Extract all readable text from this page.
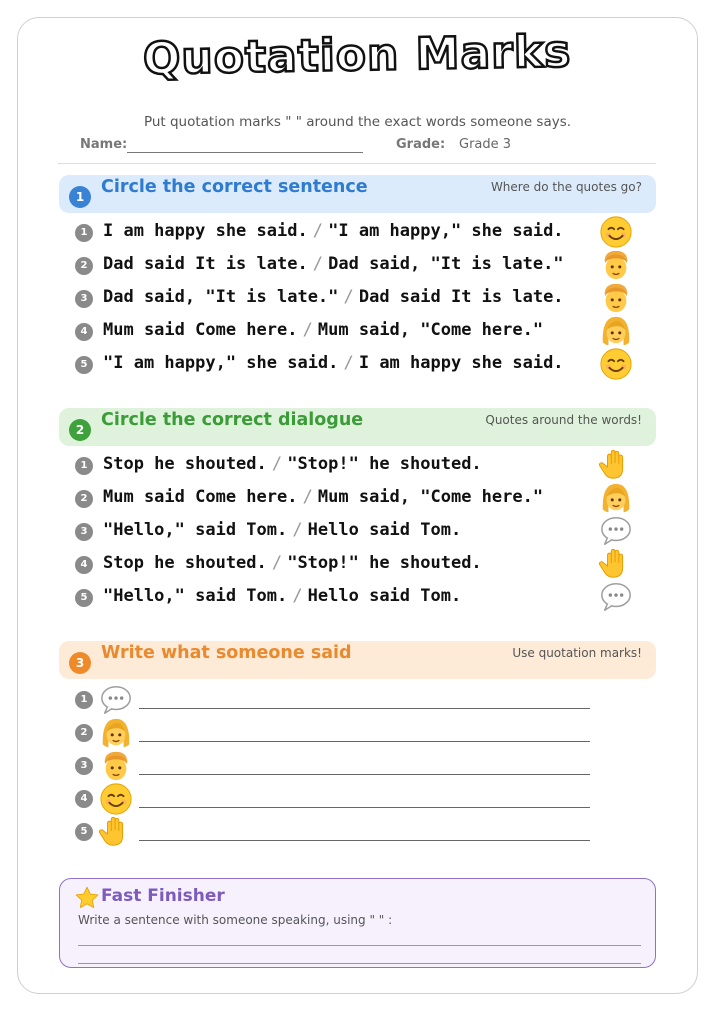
Quotation Marks
Put quotation marks " " around the exact words someone says.
Name:	Grade: Grade 3
1 Circle the correct sentence	Where do the quotes go?
1 I am happy she said. / "I am happy," she said.
2 Dad said It is late. / Dad said, "It is late."
3 Dad said, "It is late." / Dad said It is late.
4 Mum said Come here. / Mum said, "Come here."
5 "I am happy," she said. / I am happy she said.
2 Circle the correct dialogue	Quotes around the words!
1 Stop he shouted. / "Stop!" he shouted.
2 Mum said Come here. / Mum said, "Come here."
3 "Hello," said Tom. / Hello said Tom.
4 Stop he shouted. / "Stop!" he shouted.
5 "Hello," said Tom. / Hello said Tom.
3 Write what someone said	Use quotation marks!
1
2
3
4
5
Fast Finisher
Write a sentence with someone speaking, using " " :
